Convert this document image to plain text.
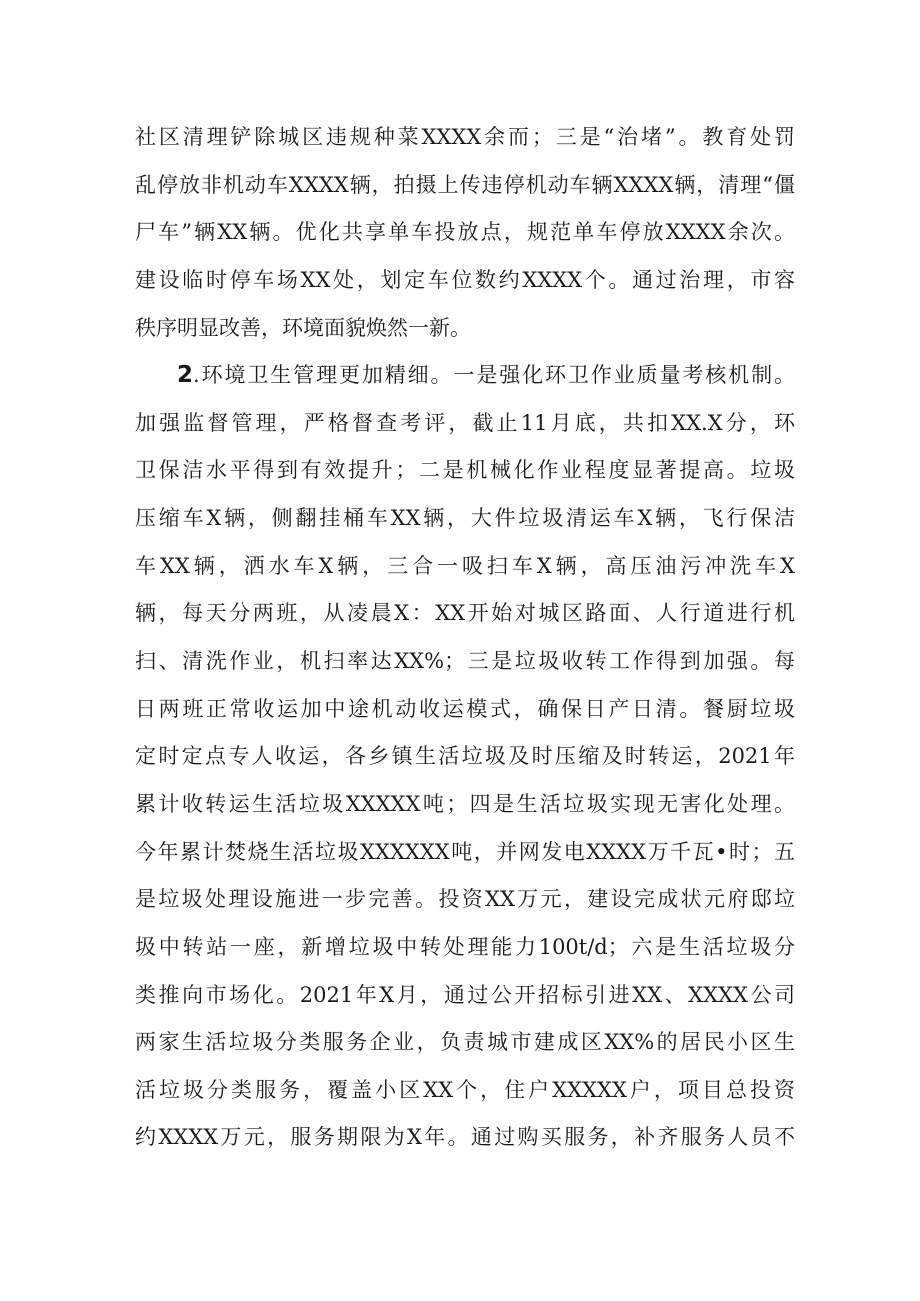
社区清理铲除城区违规种菜XXXX余而；三是“治堵”。教育处罚
乱停放非机动车XXXX辆，拍摄上传违停机动车辆XXXX辆，清理“僵
尸车”辆XX辆。优化共享单车投放点，规范单车停放XXXX余次。
建设临时停车场XX处，划定车位数约XXXX个。通过治理，市容
秩序明显改善，环境面貌焕然一新。
2.环境卫生管理更加精细。一是强化环卫作业质量考核机制。
加强监督管理，严格督查考评，截止11月底，共扣XX.X分，环
卫保洁水平得到有效提升；二是机械化作业程度显著提高。垃圾
压缩车X辆，侧翻挂桶车XX辆，大件垃圾清运车X辆，飞行保洁
车XX辆，洒水车X辆，三合一吸扫车X辆，高压油污冲洗车X
辆，每天分两班，从凌晨X：XX开始对城区路面、人行道进行机
扫、清洗作业，机扫率达XX%；三是垃圾收转工作得到加强。每
日两班正常收运加中途机动收运模式，确保日产日清。餐厨垃圾
定时定点专人收运，各乡镇生活垃圾及时压缩及时转运，2021年
累计收转运生活垃圾XXXXX吨；四是生活垃圾实现无害化处理。
今年累计焚烧生活垃圾XXXXXX吨，并网发电XXXX万千瓦•时；五
是垃圾处理设施进一步完善。投资XX万元，建设完成状元府邸垃
圾中转站一座，新增垃圾中转处理能力100t/d；六是生活垃圾分
类推向市场化。2021年X月，通过公开招标引进XX、XXXX公司
两家生活垃圾分类服务企业，负责城市建成区XX%的居民小区生
活垃圾分类服务，覆盖小区XX个，住户XXXXX户，项目总投资
约XXXX万元，服务期限为X年。通过购买服务，补齐服务人员不
